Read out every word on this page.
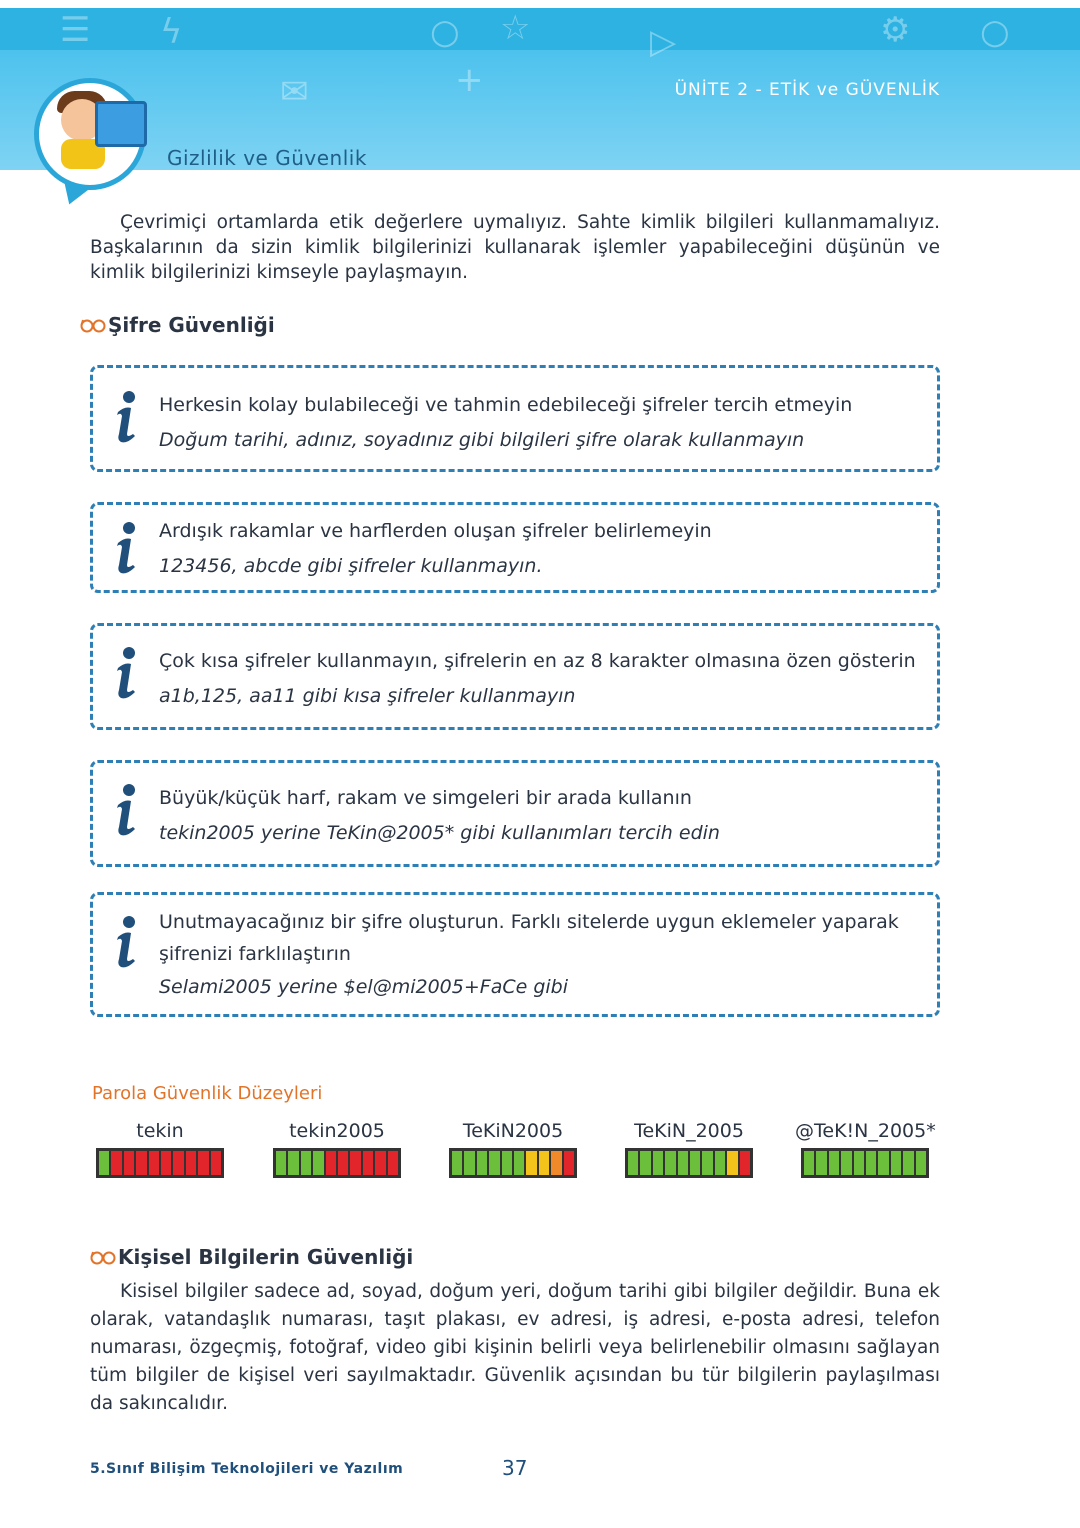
☰ ϟ	☆
○	⚙ ○
✉	+
▷
ÜNİTE 2 - ETİK ve GÜVENLİK
Gizlilik ve Güvenlik

Çevrimiçi ortamlarda etik değerlere uymalıyız. Sahte kimlik bilgileri kullanmamalıyız. Başkalarının da sizin kimlik bilgilerinizi kullanarak işlemler yapabileceğini düşünün ve kimlik bilgilerinizi kimseyle paylaşmayın.

Şifre Güvenliği
Herkesin kolay bulabileceği ve tahmin edebileceği şifreler tercih etmeyin
Doğum tarihi, adınız, soyadınız gibi bilgileri şifre olarak kullanmayın
Ardışık rakamlar ve harflerden oluşan şifreler belirlemeyin
123456, abcde gibi şifreler kullanmayın.
Çok kısa şifreler kullanmayın, şifrelerin en az 8 karakter olmasına özen gösterin
a1b,125, aa11 gibi kısa şifreler kullanmayın
Büyük/küçük harf, rakam ve simgeleri bir arada kullanın
tekin2005 yerine TeKin@2005* gibi kullanımları tercih edin
Unutmayacağınız bir şifre oluşturun. Farklı sitelerde uygun eklemeler yaparak
şifrenizi farklılaştırın
Selami2005 yerine $el@mi2005+FaCe gibi
Parola Güvenlik Düzeyleri
tekin	tekin2005	TeKiN2005	TeKiN_2005	@TeK!N_2005*
Kişisel Bilgilerin Güvenliği

Kisisel bilgiler sadece ad, soyad, doğum yeri, doğum tarihi gibi bilgiler değildir. Buna ek olarak, vatandaşlık numarası, taşıt plakası, ev adresi, iş adresi, e-posta adresi, telefon numarası, özgeçmiş, fotoğraf, video gibi kişinin belirli veya belirlenebilir olmasını sağlayan tüm bilgiler de kişisel veri sayılmaktadır. Güvenlik açısından bu tür bilgilerin paylaşılması da sakıncalıdır.

5.Sınıf Bilişim Teknolojileri ve Yazılım	37
